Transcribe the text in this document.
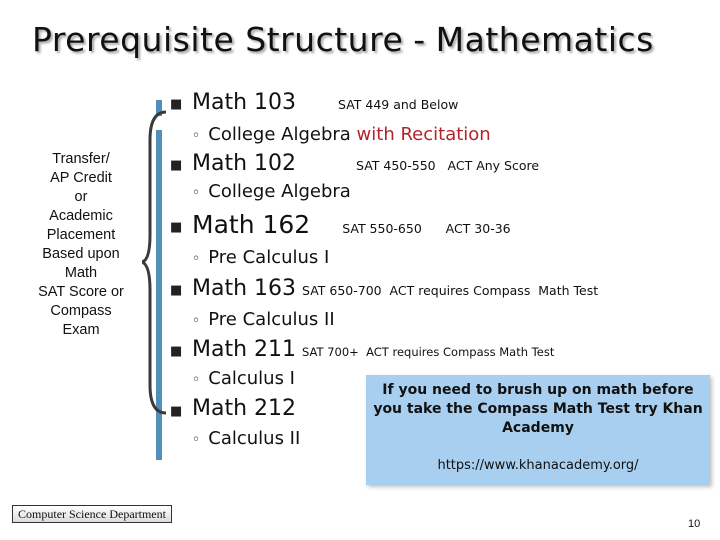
Prerequisite Structure - Mathematics
Transfer/
AP Credit
or
Academic
Placement
Based upon
Math
SAT Score or
Compass
Exam
■ Math 103	SAT 449 and Below
◦ College Algebra with Recitation
■ Math 102	SAT 450-550   ACT Any Score
◦ College Algebra
■ Math 162	SAT 550-650      ACT 30-36
◦ Pre Calculus I
■ Math 163 SAT 650-700  ACT requires Compass  Math Test
◦ Pre Calculus II
■ Math 211 SAT 700+  ACT requires Compass Math Test
◦ Calculus I
■ Math 212
◦ Calculus II
If you need to brush up on math before you take the Compass Math Test try Khan Academy
https://www.khanacademy.org/
Computer Science Department
10
